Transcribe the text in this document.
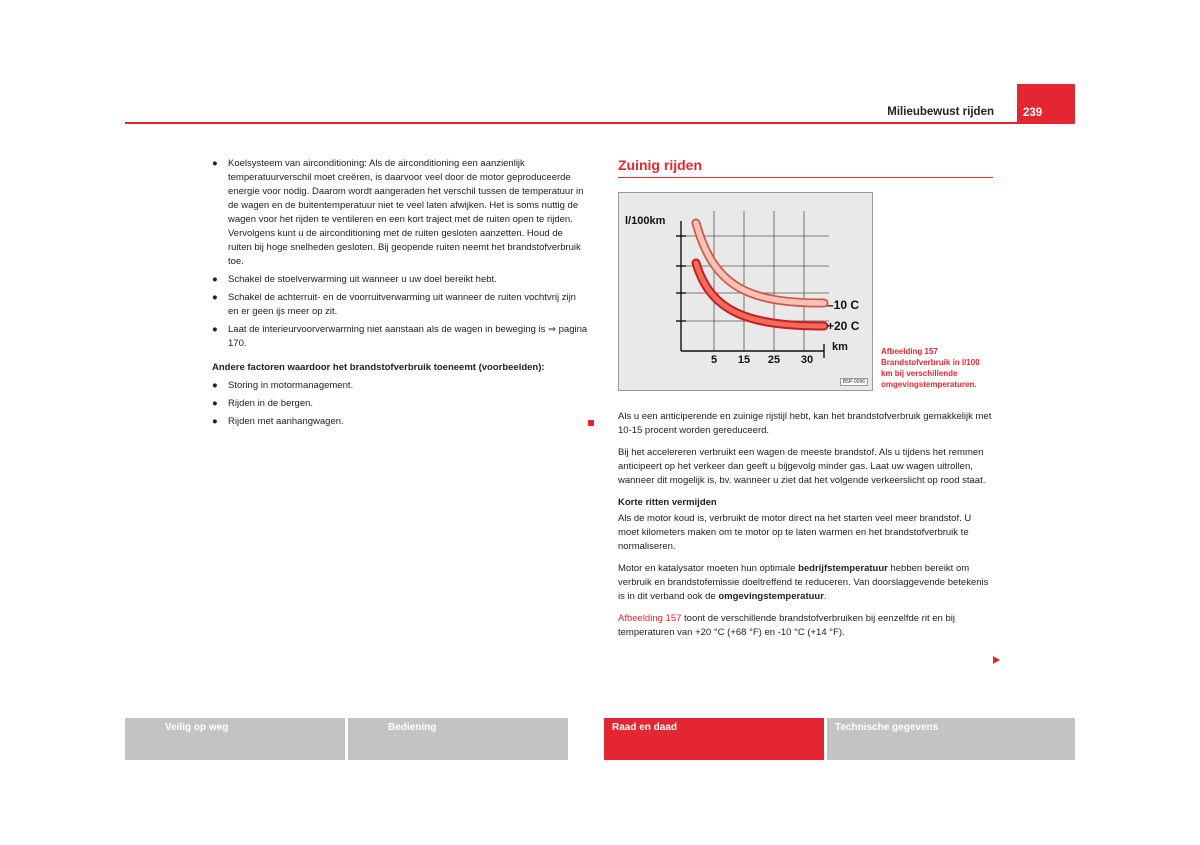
Milieubewust rijden	239

● Koelsysteem van airconditioning: Als de airconditioning een aanzienlijk temperatuurverschil moet creëren, is daarvoor veel door de motor geproduceerde energie voor nodig. Daarom wordt aangeraden het verschil tussen de temperatuur in de wagen en de buitentemperatuur niet te veel laten afwijken. Het is soms nuttig de wagen voor het rijden te ventileren en een kort traject met de ruiten open te rijden. Vervolgens kunt u de airconditioning met de ruiten gesloten aanzetten. Houd de ruiten bij hoge snelheden gesloten. Bij geopende ruiten neemt het brandstofverbruik toe.

● Schakel de stoelverwarming uit wanneer u uw doel bereikt hebt.

● Schakel de achterruit- en de voorruitverwarming uit wanneer de ruiten vochtvrij zijn en er geen ijs meer op zit.

● Laat de interieurvoorverwarming niet aanstaan als de wagen in beweging is ⇒ pagina 170.

Andere factoren waardoor het brandstofverbruik toeneemt (voorbeelden):

● Storing in motormanagement.

● Rijden in de bergen.

● Rijden met aanhangwagen.

Zuinig rijden
l/100km
–10 C
+20 C
km
5 15 25 30
B5P-0096
Afbeelding 157 Brandstofverbruik in l/100 km bij verschillende omgevingstemperaturen.

Als u een anticiperende en zuinige rijstijl hebt, kan het brandstofverbruik gemakkelijk met 10-15 procent worden gereduceerd.

Bij het accelereren verbruikt een wagen de meeste brandstof. Als u tijdens het remmen anticipeert op het verkeer dan geeft u bijgevolg minder gas. Laat uw wagen uitrollen, wanneer dit mogelijk is, bv. wanneer u ziet dat het volgende verkeerslicht op rood staat.

Korte ritten vermijden

Als de motor koud is, verbruikt de motor direct na het starten veel meer brandstof. U moet kilometers maken om te motor op te laten warmen en het brandstofverbruik te normaliseren.

Motor en katalysator moeten hun optimale bedrijfstemperatuur hebben bereikt om verbruik en brandstofemissie doeltreffend te reduceren. Van doorslaggevende betekenis is in dit verband ook de omgevingstemperatuur.

Afbeelding 157 toont de verschillende brandstofverbruiken bij eenzelfde rit en bij temperaturen van +20 °C (+68 °F) en -10 °C (+14 °F).

Veilig op weg	Bediening	Raad en daad	Technische gegevens
